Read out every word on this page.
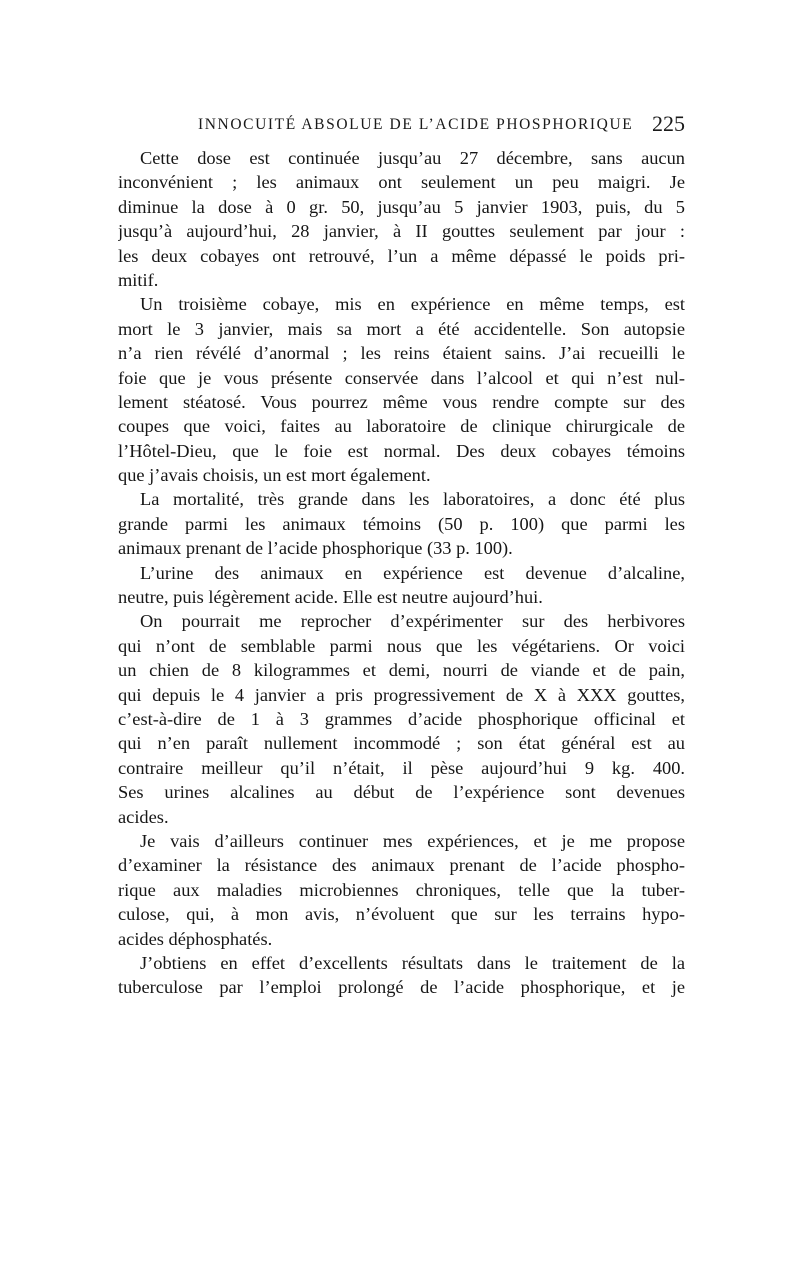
INNOCUITÉ ABSOLUE DE L’ACIDE PHOSPHORIQUE 225
Cette dose est continuée jusqu’au 27 décembre, sans aucun
inconvénient ; les animaux ont seulement un peu maigri. Je
diminue la dose à 0 gr. 50, jusqu’au 5 janvier 1903, puis, du 5
jusqu’à aujourd’hui, 28 janvier, à II gouttes seulement par jour :
les deux cobayes ont retrouvé, l’un a même dépassé le poids pri-
mitif.
Un troisième cobaye, mis en expérience en même temps, est
mort le 3 janvier, mais sa mort a été accidentelle. Son autopsie
n’a rien révélé d’anormal ; les reins étaient sains. J’ai recueilli le
foie que je vous présente conservée dans l’alcool et qui n’est nul-
lement stéatosé. Vous pourrez même vous rendre compte sur des
coupes que voici, faites au laboratoire de clinique chirurgicale de
l’Hôtel-Dieu, que le foie est normal. Des deux cobayes témoins
que j’avais choisis, un est mort également.
La mortalité, très grande dans les laboratoires, a donc été plus
grande parmi les animaux témoins (50 p. 100) que parmi les
animaux prenant de l’acide phosphorique (33 p. 100).
L’urine des animaux en expérience est devenue d’alcaline,
neutre, puis légèrement acide. Elle est neutre aujourd’hui.
On pourrait me reprocher d’expérimenter sur des herbivores
qui n’ont de semblable parmi nous que les végétariens. Or voici
un chien de 8 kilogrammes et demi, nourri de viande et de pain,
qui depuis le 4 janvier a pris progressivement de X à XXX gouttes,
c’est-à-dire de 1 à 3 grammes d’acide phosphorique officinal et
qui n’en paraît nullement incommodé ; son état général est au
contraire meilleur qu’il n’était, il pèse aujourd’hui 9 kg. 400.
Ses urines alcalines au début de l’expérience sont devenues
acides.
Je vais d’ailleurs continuer mes expériences, et je me propose
d’examiner la résistance des animaux prenant de l’acide phospho-
rique aux maladies microbiennes chroniques, telle que la tuber-
culose, qui, à mon avis, n’évoluent que sur les terrains hypo-
acides déphosphatés.
J’obtiens en effet d’excellents résultats dans le traitement de la
tuberculose par l’emploi prolongé de l’acide phosphorique, et je
